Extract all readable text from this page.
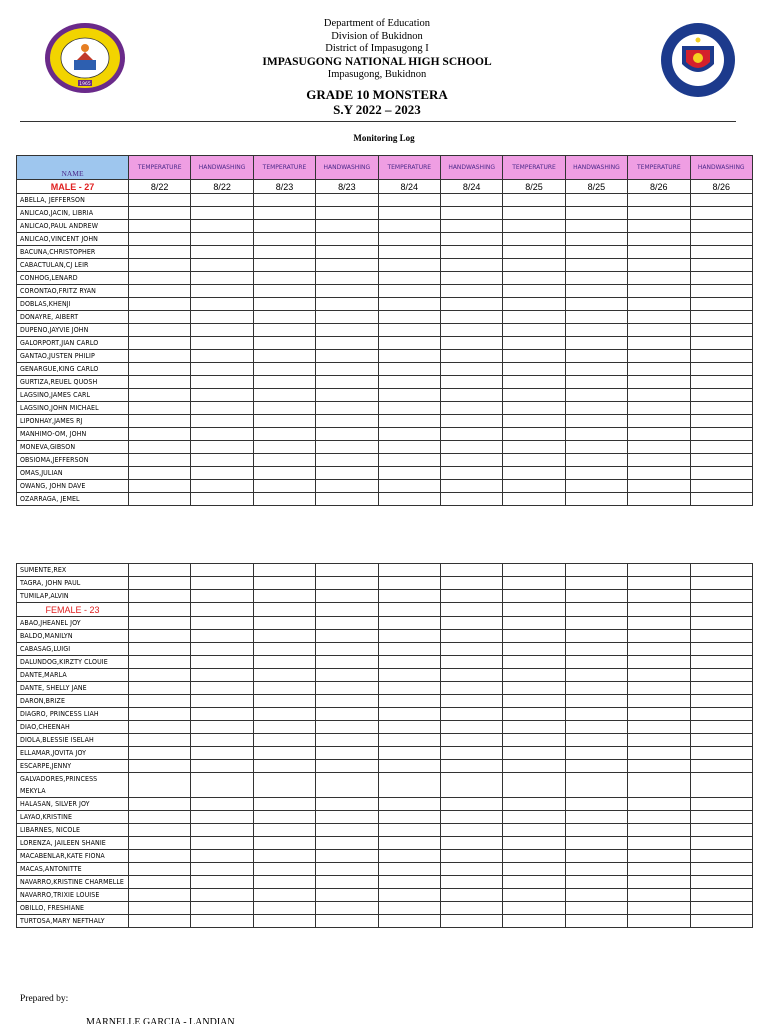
1965
Department of Education
Division of Bukidnon
District of Impasugong I
IMPASUGONG NATIONAL HIGH SCHOOL
Impasugong, Bukidnon
GRADE 10 MONSTERA
S.Y 2022 – 2023
Monitoring Log
NAME	TEMPERATURE	HANDWASHING	TEMPERATURE	HANDWASHING	TEMPERATURE	HANDWASHING	TEMPERATURE	HANDWASHING	TEMPERATURE	HANDWASHING
MALE - 27	8/22	8/22	8/23	8/23	8/24	8/24	8/25	8/25	8/26	8/26
ABELLA, JEFFERSON										
ANLICAO,JACIN, LIBRIA										
ANLICAO,PAUL ANDREW										
ANLICAO,VINCENT JOHN										
BACUNA,CHRISTOPHER										
CABACTULAN,CJ LEIR										
CONHOG,LENARD										
CORONTAO,FRITZ RYAN										
DOBLAS,KHENJI										
DONAYRE, AIBERT										
DUPENO,JAYVIE JOHN										
GALORPORT,JIAN CARLO										
GANTAO,JUSTEN PHILIP										
GENARGUE,KING CARLO										
GURTIZA,REUEL QUOSH										
LAGSINO,JAMES CARL										
LAGSINO,JOHN MICHAEL										
LIPONHAY,JAMES RJ										
MANHIMO-OM, JOHN										
MONEVA,GIBSON										
OBSIOMA,JEFFERSON										
OMAS,JULIAN										
OWANG, JOHN DAVE										
OZARRAGA, JEMEL										
SUMENTE,REX										
TAGRA, JOHN PAUL										
TUMILAP,ALVIN										
FEMALE - 23										
ABAO,JHEANEL JOY										
BALDO,MANILYN										
CABASAG,LUIGI										
DALUNDOG,KIRZTY CLOUIE										
DANTE,MARLA										
DANTE, SHELLY JANE										
DARON,BRIZE										
DIAGRO, PRINCESS LIAH										
DIAO,CHEENAH										
DIOLA,BLESSIE ISELAH										
ELLAMAR,JOVITA JOY										
ESCARPE,JENNY										
GALVADORES,PRINCESS MEKYLA										
HALASAN, SILVER JOY										
LAYAO,KRISTINE										
LIBARNES, NICOLE										
LORENZA, JAILEEN SHANIE										
MACABENLAR,KATE FIONA										
MACAS,ANTONITTE										
NAVARRO,KRISTINE CHARMELLE										
NAVARRO,TRIXIE LOUISE										
OBILLO, FRESHIANE										
TURTOSA,MARY NEFTHALY										
Prepared by:
MARNELLE GARCIA - LANDIAN
